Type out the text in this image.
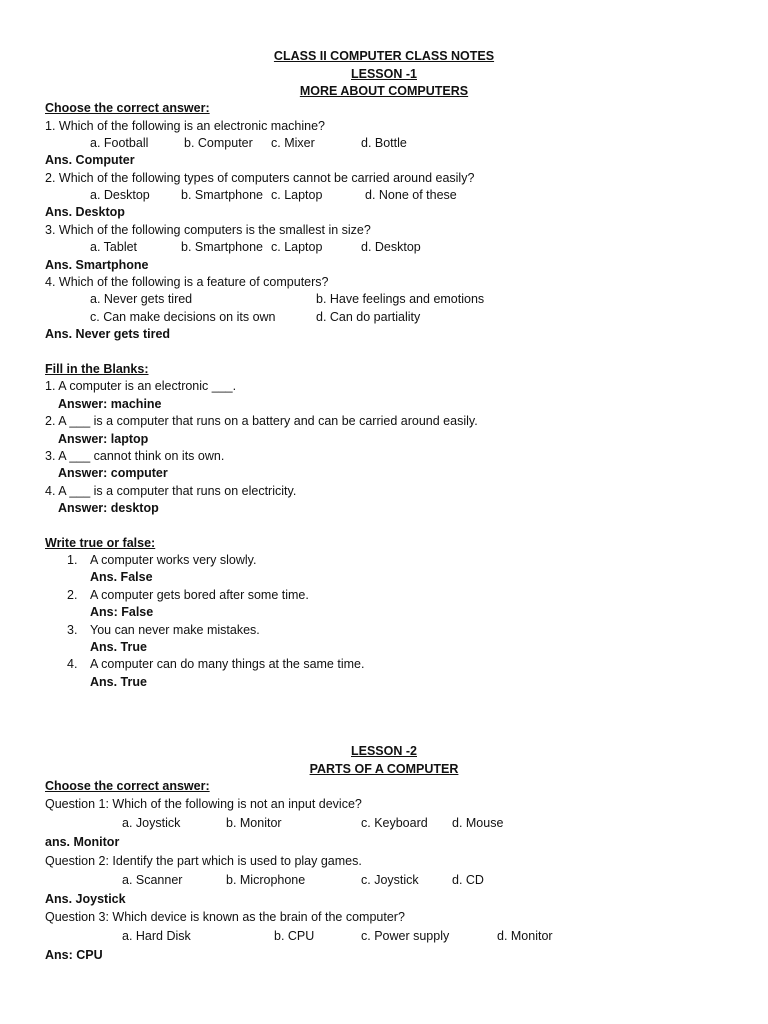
CLASS II COMPUTER CLASS NOTES
LESSON -1
MORE ABOUT COMPUTERS
Choose the correct answer:
1. Which of the following is an electronic machine?
a. Football	b. Computer c. Mixer	d. Bottle
Ans. Computer
2. Which of the following types of computers cannot be carried around easily?
a. Desktop b. Smartphone c. Laptop	d. None of these
Ans. Desktop
3. Which of the following computers is the smallest in size?
a. Tablet	b. Smartphone c. Laptop	d. Desktop
Ans. Smartphone
4. Which of the following is a feature of computers?
a. Never gets tired	b. Have feelings and emotions
c. Can make decisions on its own	d. Can do partiality
Ans. Never gets tired
Fill in the Blanks:
1. A computer is an electronic ___.
Answer: machine
2. A ___ is a computer that runs on a battery and can be carried around easily.
Answer: laptop
3. A ___ cannot think on its own.
Answer: computer
4. A ___ is a computer that runs on electricity.
Answer: desktop
Write true or false:
1. A computer works very slowly.
Ans. False
2. A computer gets bored after some time.
Ans: False
3. You can never make mistakes.
Ans. True
4. A computer can do many things at the same time.
Ans. True
LESSON -2
PARTS OF A COMPUTER
Choose the correct answer:
Question 1: Which of the following is not an input device?
a. Joystick	b. Monitor	c. Keyboard d. Mouse
ans. Monitor
Question 2: Identify the part which is used to play games.
a. Scanner	b. Microphone	c. Joystick	d. CD
Ans. Joystick
Question 3: Which device is known as the brain of the computer?
a. Hard Disk	b. CPU	c. Power supply	d. Monitor
Ans: CPU
